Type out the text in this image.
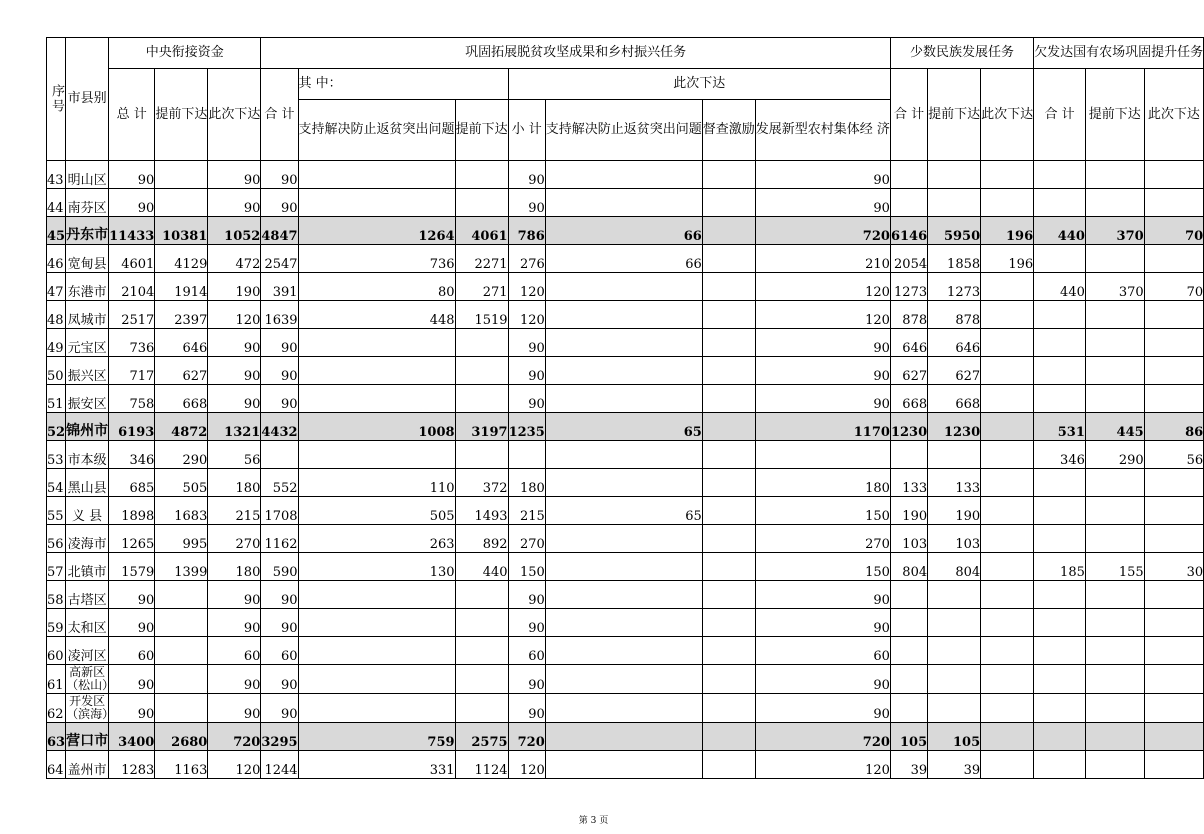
序号	市县别	中央衔接资金			巩固拓展脱贫攻坚成果和乡村振兴任务							少数民族发展任务			欠发达国有农场巩固提升任务		
		总 计	提前下达	此次下达	合 计	其 中：		此次下达				合 计	提前下达	此次下达	合 计	提前下达	此次下达
						支持解决防止返贫突出问题	提前下达	小 计	支持解决防止返贫突出问题	督查激励	发展新型农村集体经 济						
43	明山区	90		90	90			90			90						
44	南芬区	90		90	90			90			90						
45	丹东市	11433	10381	1052	4847	1264	4061	786	66		720	6146	5950	196	440	370	70
46	宽甸县	4601	4129	472	2547	736	2271	276	66		210	2054	1858	196			
47	东港市	2104	1914	190	391	80	271	120			120	1273	1273		440	370	70
48	凤城市	2517	2397	120	1639	448	1519	120			120	878	878				
49	元宝区	736	646	90	90			90			90	646	646				
50	振兴区	717	627	90	90			90			90	627	627				
51	振安区	758	668	90	90			90			90	668	668				
52	锦州市	6193	4872	1321	4432	1008	3197	1235	65		1170	1230	1230		531	445	86
53	市本级	346	290	56											346	290	56
54	黑山县	685	505	180	552	110	372	180			180	133	133				
55	义 县	1898	1683	215	1708	505	1493	215	65		150	190	190				
56	凌海市	1265	995	270	1162	263	892	270			270	103	103				
57	北镇市	1579	1399	180	590	130	440	150			150	804	804		185	155	30
58	古塔区	90		90	90			90			90						
59	太和区	90		90	90			90			90						
60	凌河区	60		60	60			60			60						
61	高新区（松山）	90		90	90			90			90						
62	开发区（滨海）	90		90	90			90			90						
63	营口市	3400	2680	720	3295	759	2575	720			720	105	105				
64	盖州市	1283	1163	120	1244	331	1124	120			120	39	39				
第 3 页
